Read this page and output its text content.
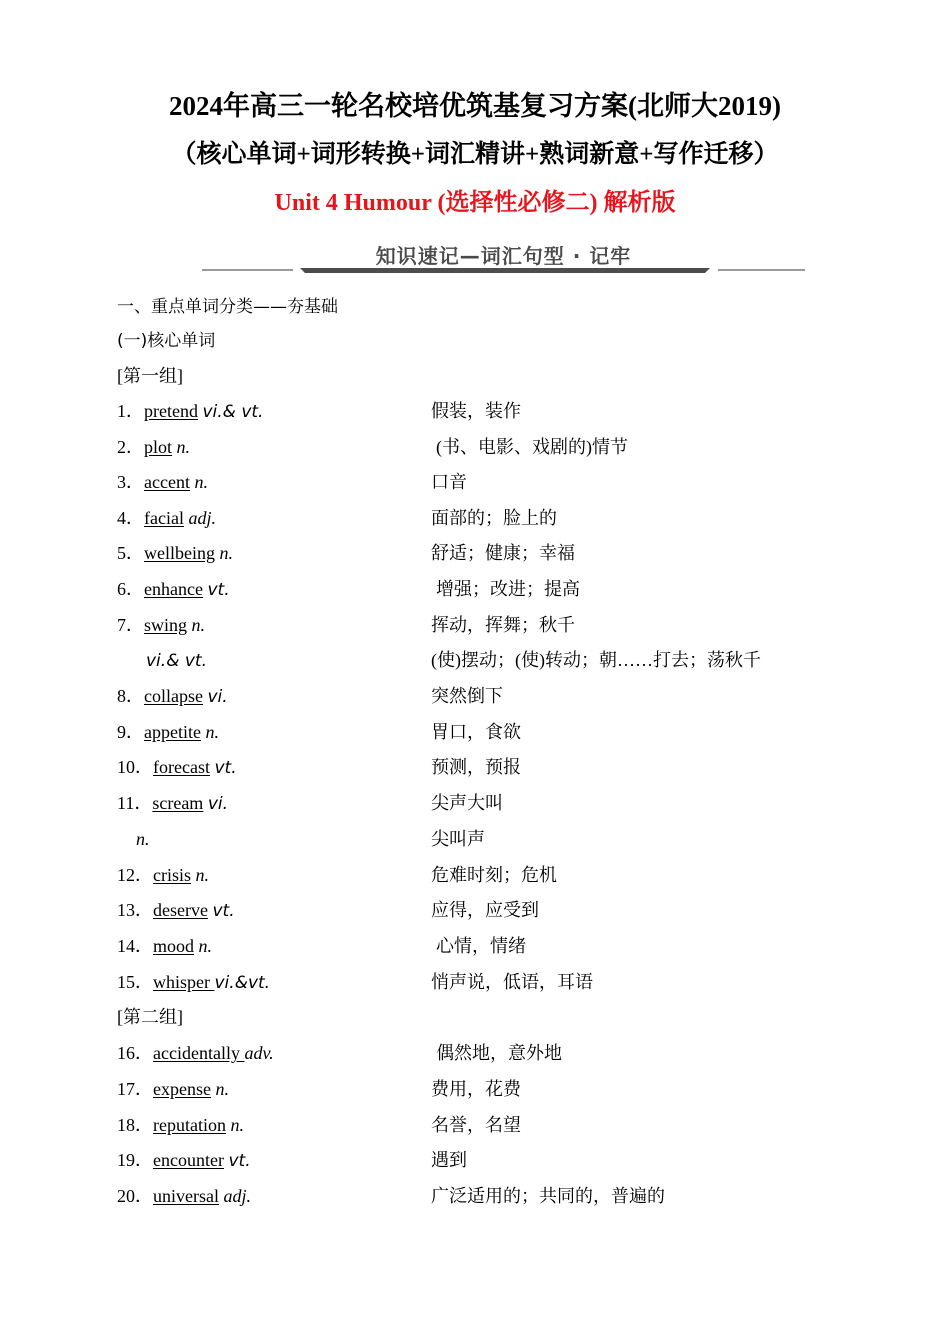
2024年高三一轮名校培优筑基复习方案(北师大2019)
（核心单词+词形转换+词汇精讲+熟词新意+写作迁移）
Unit 4 Humour (选择性必修二) 解析版
知识速记—词汇句型 · 记牢
一、重点单词分类——夯基础
(一)核心单词
[第一组]
1．pretend vi.& vt.	假装，装作
2．plot n.	(书、电影、戏剧的)情节
3．accent n.	口音
4．facial adj.	面部的；脸上的
5．wellbeing n.	舒适；健康；幸福
6．enhance vt.	增强；改进；提高
7．swing n.	挥动，挥舞；秋千
vi.& vt.	(使)摆动；(使)转动；朝……打去；荡秋千
8．collapse vi.	突然倒下
9．appetite n.	胃口，食欲
10．forecast vt.	预测，预报
11．scream vi.	尖声大叫
n.	尖叫声
12．crisis n.	危难时刻；危机
13．deserve vt.	应得，应受到
14．mood n.	心情，情绪
15．whisper vi.&vt.	悄声说，低语，耳语
[第二组]
16．accidentally adv.	偶然地，意外地
17．expense n.	费用，花费
18．reputation n.	名誉，名望
19．encounter vt.	遇到
20．universal adj.	广泛适用的；共同的，普遍的
